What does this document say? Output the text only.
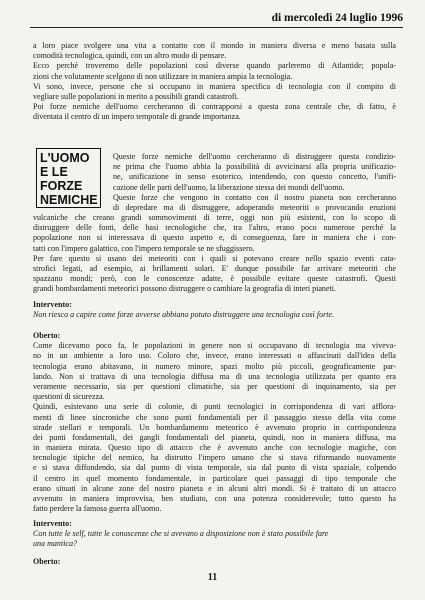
di mercoledì 24 luglio 1996
a loro piace svolgere una vita a contatto con il mondo in maniera diversa e meno basata sulla
comodità tecnologica, quindi, con un altro modo di pensare.
Ecco perché troveremo delle popolazioni così diverse quando parleremo di Atlantide; popola-
zioni che volutamente scelgono di non utilizzare in maniera ampia la tecnologia.
Vi sono, invece, persone che si occupano in maniera specifica di tecnologia con il compito di
vegliare sulle popolazioni in merito a possibili grandi catastrofi.
Poi forze nemiche dell'uomo cercheranno di contrapporsi a questa zona centrale che, di fatto, è
diventata il centro di un impero temporale di grande importanza.
L'UOMO
E LE
FORZE
NEMICHE
Queste forze nemiche dell'uomo cercheranno di distruggere questa condizio-
ne prima che l'uomo abbia la possibilità di avvicinarsi alla propria unificazio-
ne, unificazione in senso esoterico, intendendo, con questo concetto, l'unifi-
cazione delle parti dell'uomo, la liberazione stessa dei mondi dell'uomo.
Queste forze che vengono in contatto con il nostro pianeta non cercheranno
di depredare ma di distruggere, adoperando meteoriti o provocando eruzioni
vulcaniche che creano grandi sommovimenti di terre, oggi non più esistenti, con lo scopo di
distruggere delle fonti, delle basi tecnologiche che, tra l'altro, erano poco numerose perché la
popolazione non si interessava di questo aspetto e, di conseguenza, fare in maniera che i con-
tatti con l'impero galattico, con l'impero temporale se ne sfuggissero.
Per fare questo si usano dei meteoriti con i quali si potevano creare nello spazio eventi cata-
strofici legati, ad esempio, ai brillamenti solari. E' dunque possibile far arrivare meteoriti che
spazzano mondi; però, con le conoscenze adatte, è possibile evitare queste catastrofi. Questi
grandi bombardamenti meteorici possono distruggere o cambiare la geografia di interi pianeti.
Intervento:
Non riesco a capire come forze avverse abbiano potuto distruggere una tecnologia così forte.
Oberto:
Come dicevamo poco fa, le popolazioni in genere non si occupavano di tecnologia ma viveva-
no in un ambiente a loro uso. Coloro che, invece, erano interessati o affascinati dall'idea della
tecnologia erano abitavano, in numero minore, spazi molto più piccoli, geograficamente par-
lando. Non si trattava di una tecnologia diffusa ma di una tecnologia utilizzata per quanto era
veramente necessario, sia per questioni climatiche, sia per questioni di inquinamento, sia per
questioni di sicurezza.
Quindi, esistevano una serie di colonie, di punti tecnologici in corrispondenza di vari afflora-
menti di linee sincroniche che sono punti fondamentali per il passaggio stesso della vita come
strade stellari e temporali. Un bombardamento meteorico è avvenuto proprio in corrispondenza
dei punti fondamentali, dei gangli fondamentali del pianeta, quindi, non in maniera diffusa, ma
in maniera mirata. Questo tipo di attacco che è avvenuto anche con tecnologie magiche, con
tecnologie tipiche del nemico, ha distrutto l'impero umano che si stava riformando nuovamente
e si stava diffondendo, sia dal punto di vista temporale, sia dal punto di vista spaziale, colpendo
il centro in quel momento fondamentale, in particolare quei passaggi di tipo temporale che
erano situati in alcune zone del nostro pianeta e in alcuni altri mondi. Si è trattato di un attacco
avvenuto in maniera improvvisa, ben studiato, con una potenza considerevole; tutto questo ha
fatto perdere la famosa guerra all'uomo.
Intervento:
Con tutte le self, tutte le conoscenze che si avevano a disposizione non è stato possibile fare
una mantica?
Oberto:
11
